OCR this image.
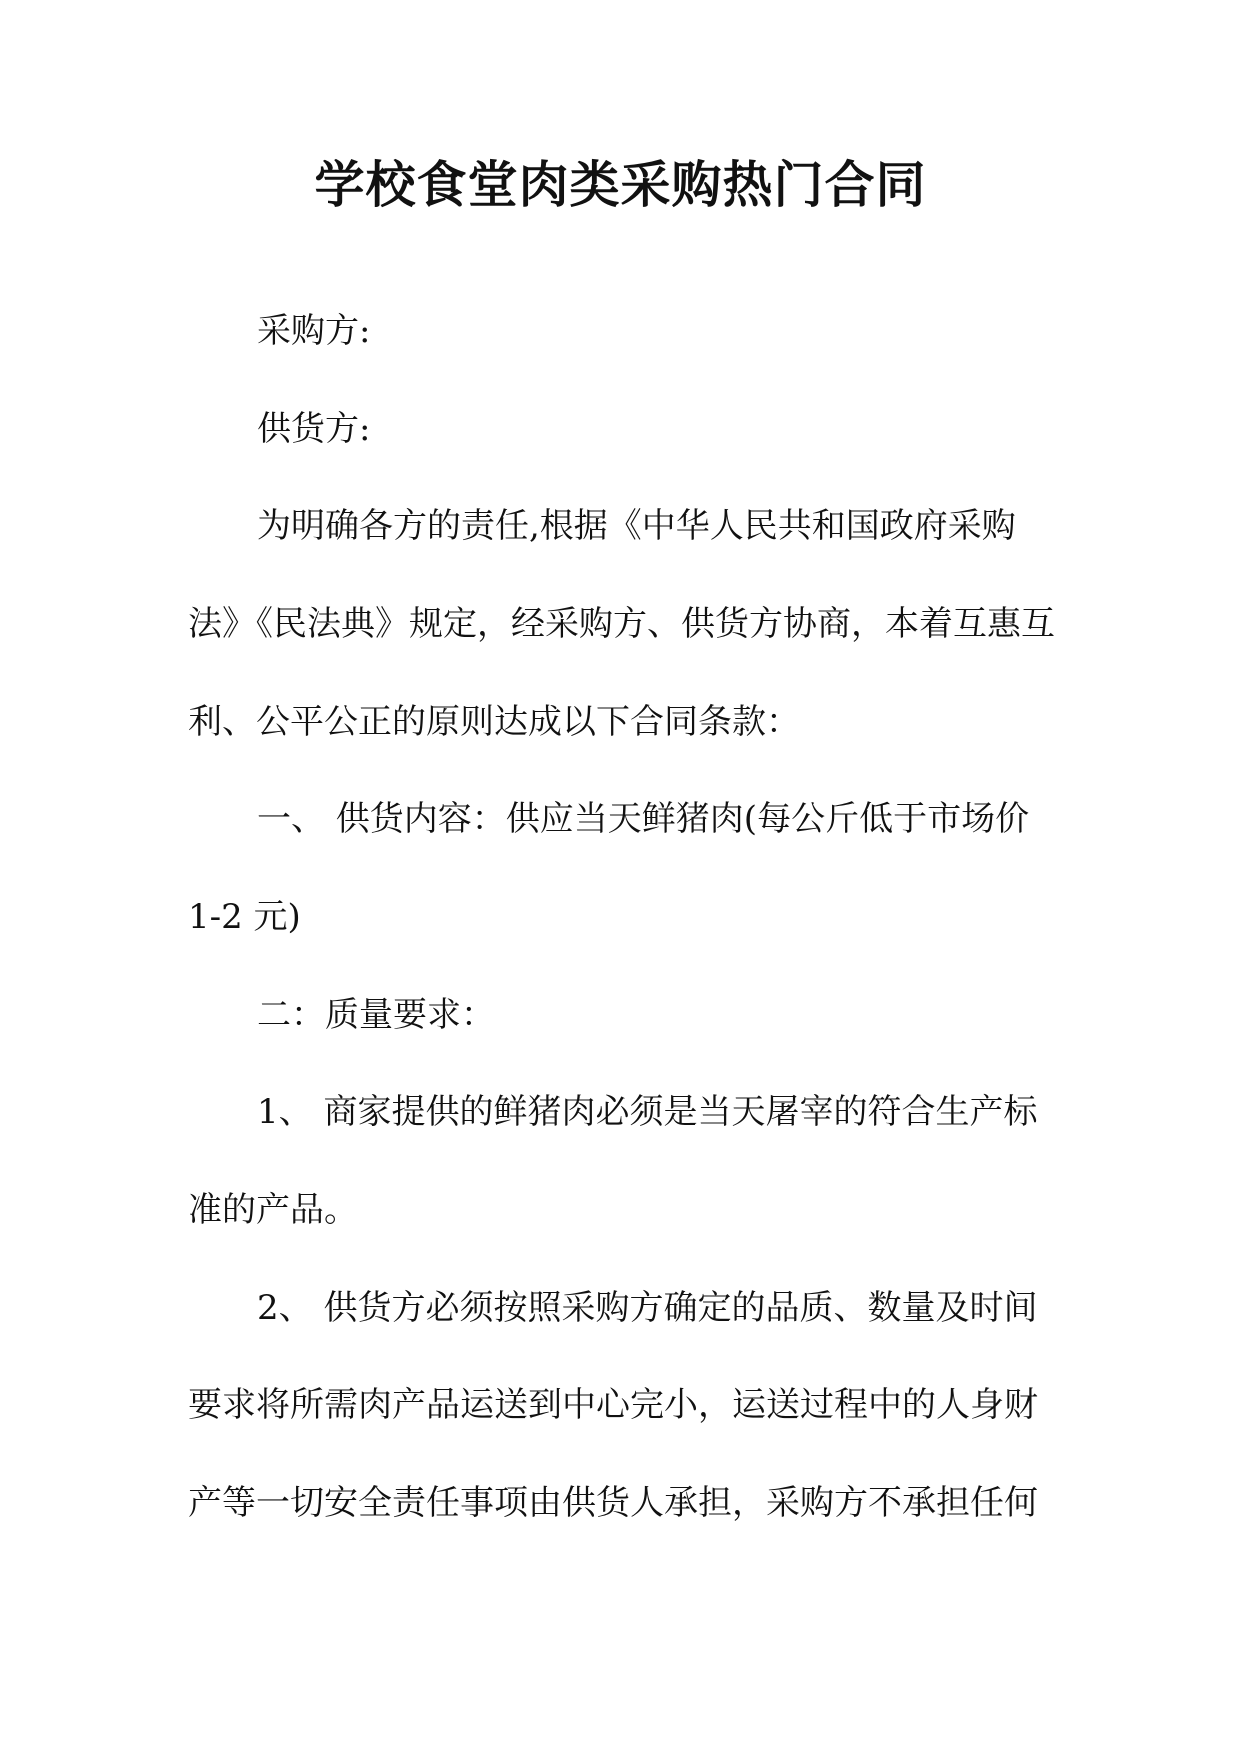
学校食堂肉类采购热门合同

采购方:

供货方:

为明确各方的责任,根据《中华人民共和国政府采购

法》《民法典》规定，经采购方、供货方协商，本着互惠互

利、公平公正的原则达成以下合同条款：

一、 供货内容：供应当天鲜猪肉(每公斤低于市场价

1-2 元)

二：质量要求：

1、 商家提供的鲜猪肉必须是当天屠宰的符合生产标

准的产品。

2、 供货方必须按照采购方确定的品质、数量及时间

要求将所需肉产品运送到中心完小，运送过程中的人身财

产等一切安全责任事项由供货人承担，采购方不承担任何
